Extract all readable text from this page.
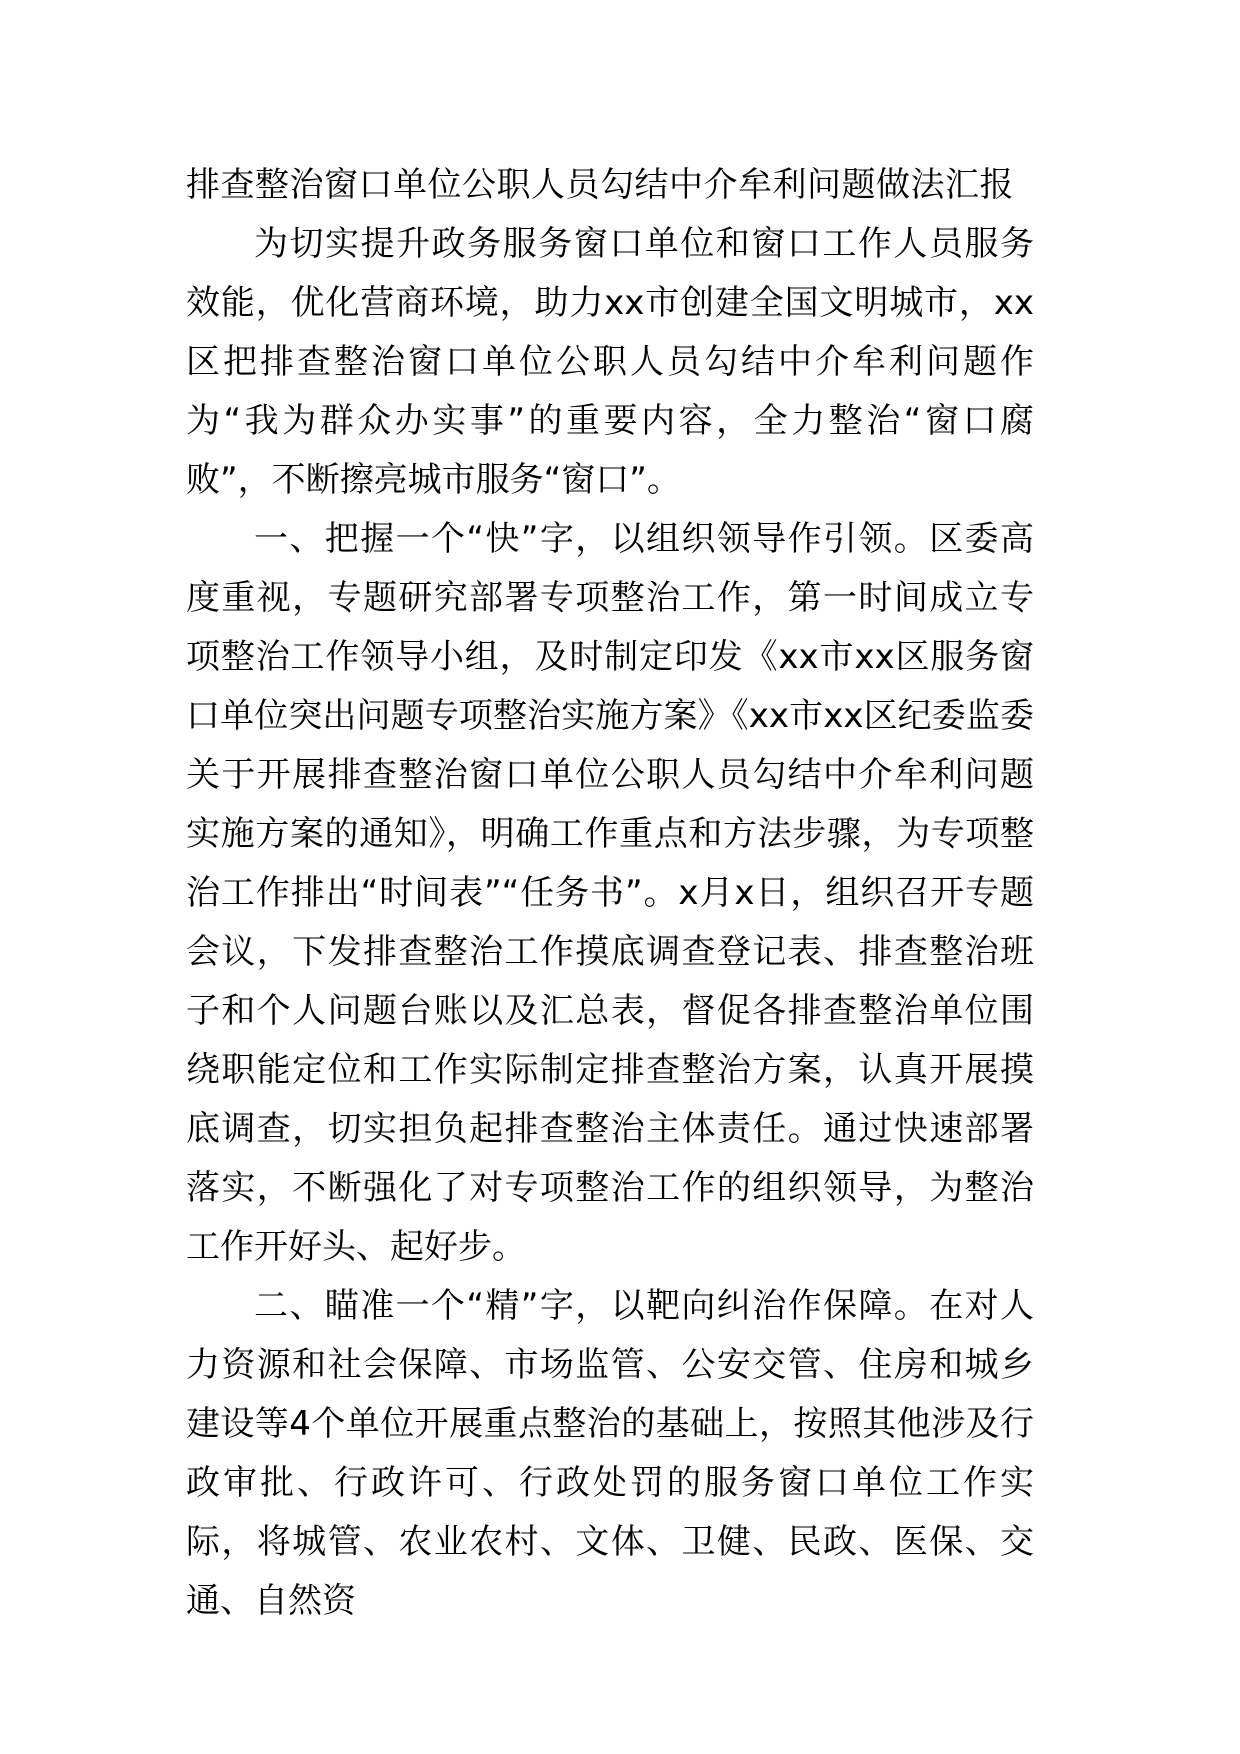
排查整治窗口单位公职人员勾结中介牟利问题做法汇报

为切实提升政务服务窗口单位和窗口工作人员服务效能，优化营商环境，助力xx市创建全国文明城市，xx区把排查整治窗口单位公职人员勾结中介牟利问题作为“我为群众办实事”的重要内容，全力整治“窗口腐败”，不断擦亮城市服务“窗口”。

一、把握一个“快”字，以组织领导作引领。区委高度重视，专题研究部署专项整治工作，第一时间成立专项整治工作领导小组，及时制定印发《xx市xx区服务窗口单位突出问题专项整治实施方案》《xx市xx区纪委监委关于开展排查整治窗口单位公职人员勾结中介牟利问题实施方案的通知》，明确工作重点和方法步骤，为专项整治工作排出“时间表”“任务书”。x月x日，组织召开专题会议，下发排查整治工作摸底调查登记表、排查整治班子和个人问题台账以及汇总表，督促各排查整治单位围绕职能定位和工作实际制定排查整治方案，认真开展摸底调查，切实担负起排查整治主体责任。通过快速部署落实，不断强化了对专项整治工作的组织领导，为整治工作开好头、起好步。

二、瞄准一个“精”字，以靶向纠治作保障。在对人力资源和社会保障、市场监管、公安交管、住房和城乡建设等4个单位开展重点整治的基础上，按照其他涉及行政审批、行政许可、行政处罚的服务窗口单位工作实际，将城管、农业农村、文体、卫健、民政、医保、交通、自然资
